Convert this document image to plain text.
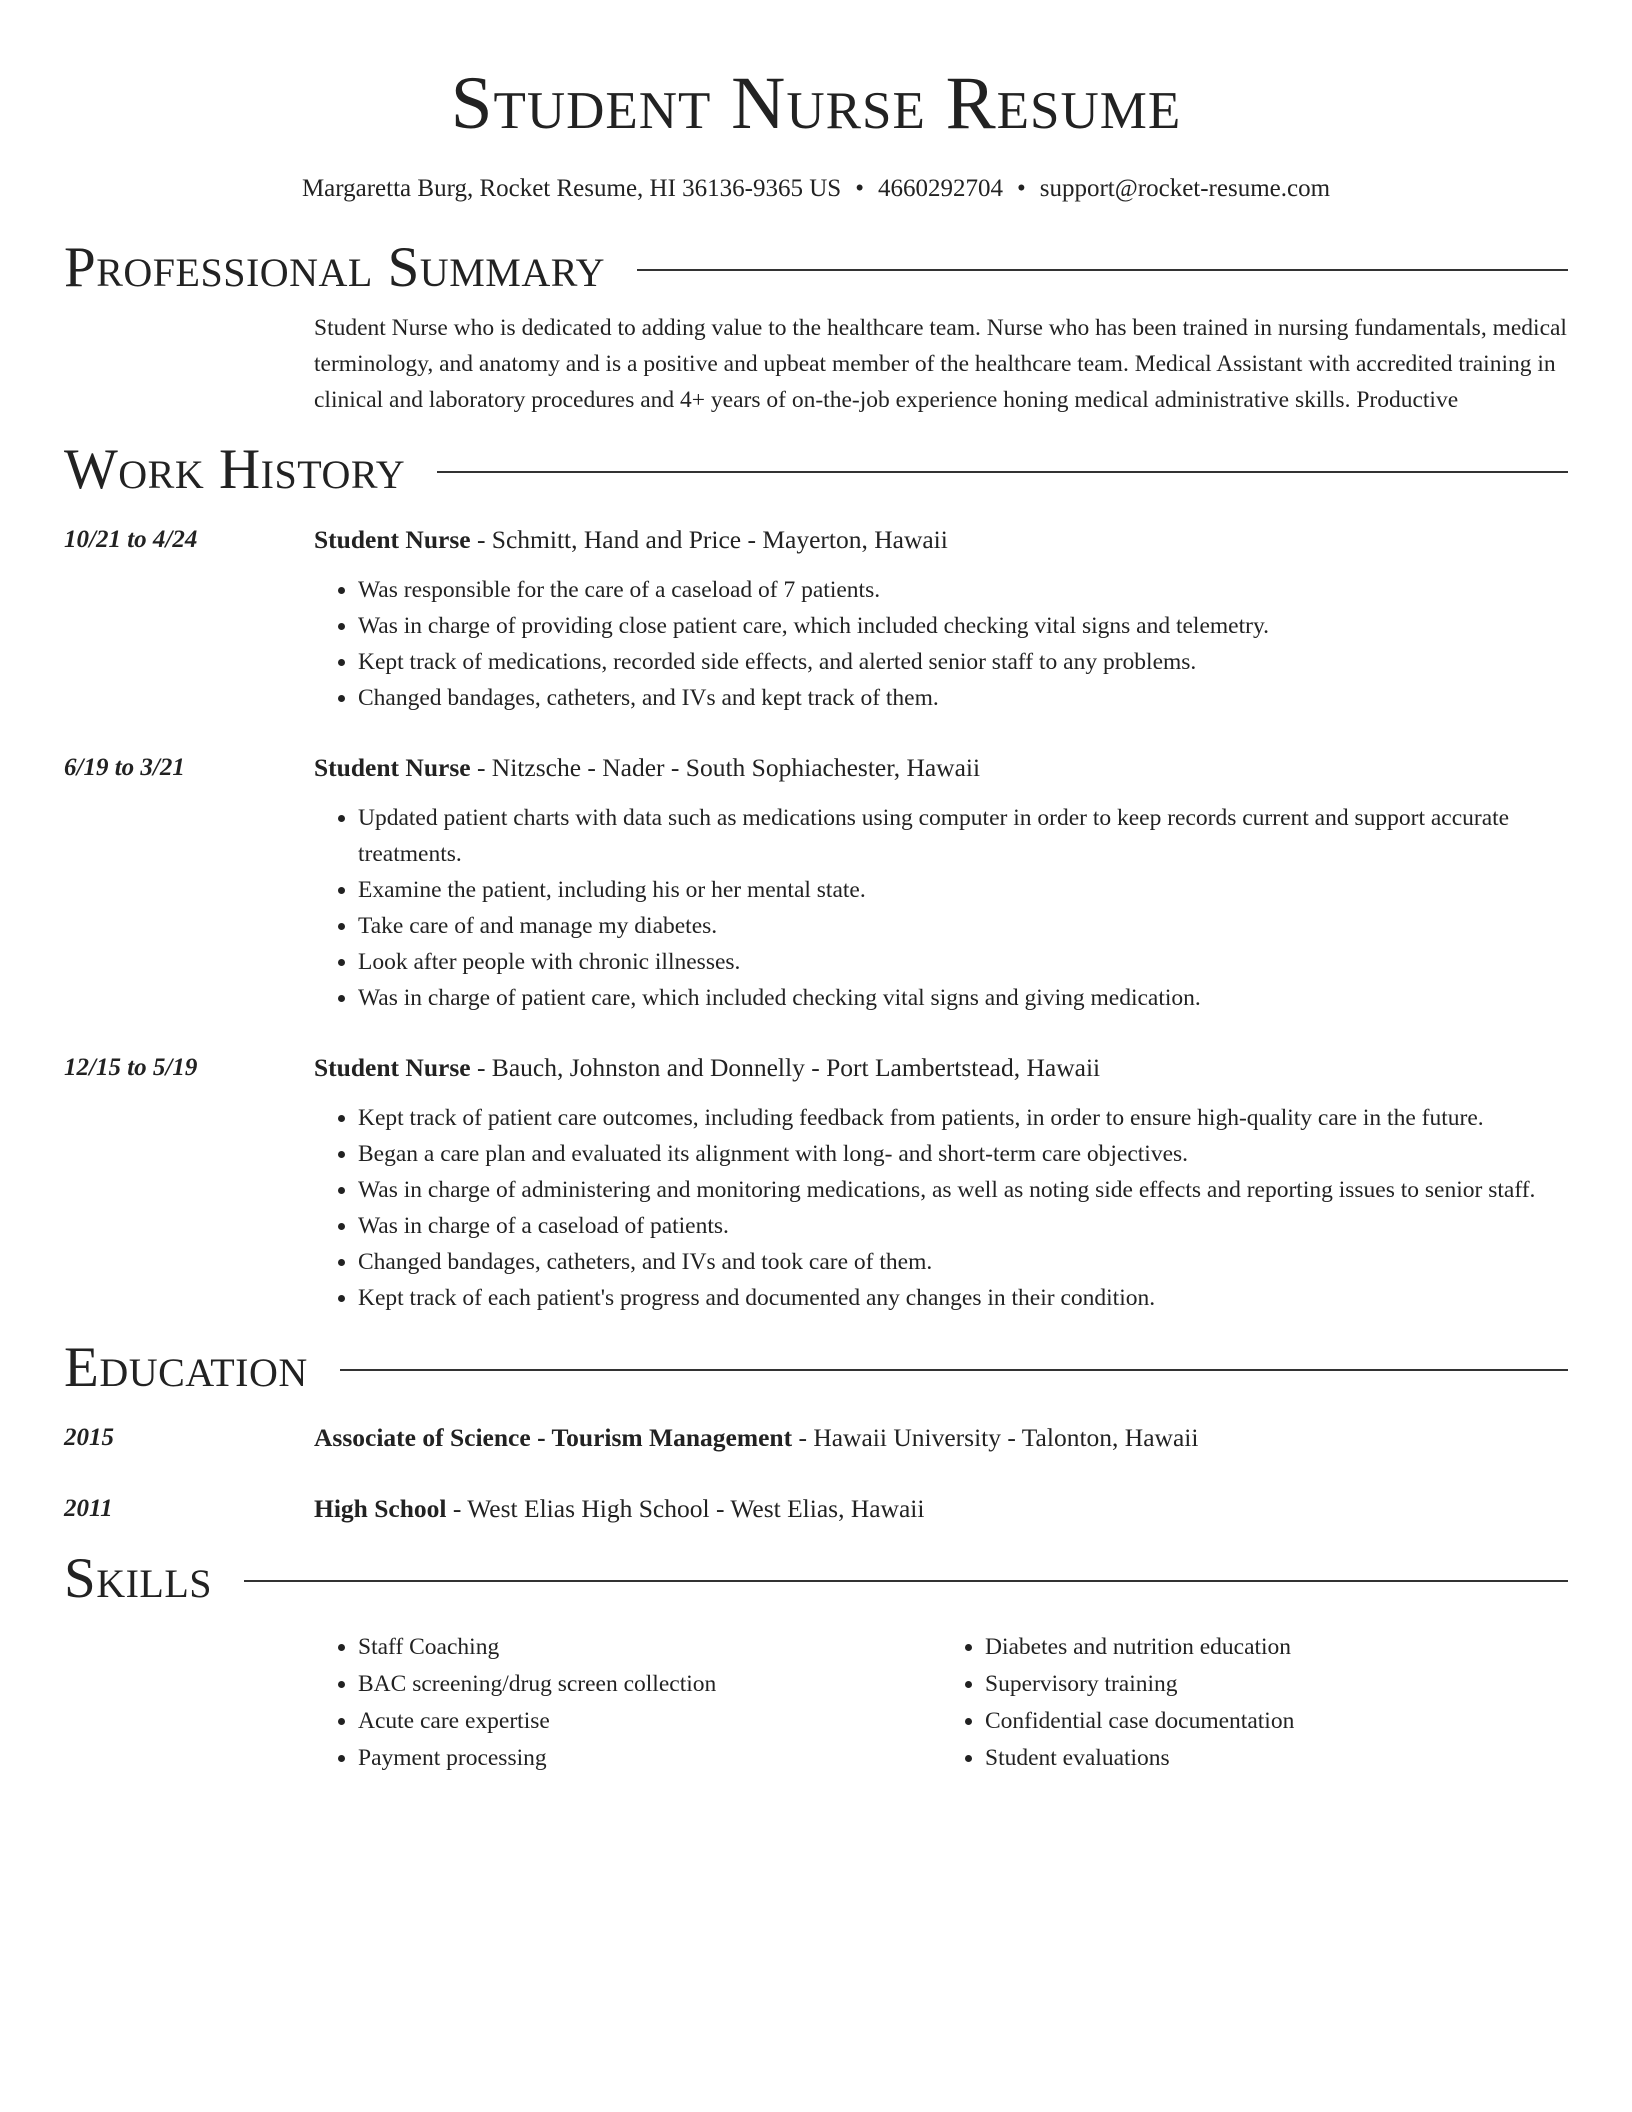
Student Nurse Resume
Margaretta Burg, Rocket Resume, HI 36136-9365 US • 4660292704 • support@rocket-resume.com
Professional Summary
Student Nurse who is dedicated to adding value to the healthcare team. Nurse who has been trained in nursing fundamentals, medical terminology, and anatomy and is a positive and upbeat member of the healthcare team. Medical Assistant with accredited training in clinical and laboratory procedures and 4+ years of on-the-job experience honing medical administrative skills. Productive
Work History
10/21 to 4/24	Student Nurse - Schmitt, Hand and Price - Mayerton, Hawaii
• Was responsible for the care of a caseload of 7 patients.
• Was in charge of providing close patient care, which included checking vital signs and telemetry.
• Kept track of medications, recorded side effects, and alerted senior staff to any problems.
• Changed bandages, catheters, and IVs and kept track of them.
6/19 to 3/21	Student Nurse - Nitzsche - Nader - South Sophiachester, Hawaii
• Updated patient charts with data such as medications using computer in order to keep records current and support accurate treatments.
• Examine the patient, including his or her mental state.
• Take care of and manage my diabetes.
• Look after people with chronic illnesses.
• Was in charge of patient care, which included checking vital signs and giving medication.
12/15 to 5/19	Student Nurse - Bauch, Johnston and Donnelly - Port Lambertstead, Hawaii
• Kept track of patient care outcomes, including feedback from patients, in order to ensure high-quality care in the future.
• Began a care plan and evaluated its alignment with long- and short-term care objectives.
• Was in charge of administering and monitoring medications, as well as noting side effects and reporting issues to senior staff.
• Was in charge of a caseload of patients.
• Changed bandages, catheters, and IVs and took care of them.
• Kept track of each patient's progress and documented any changes in their condition.
Education
2015	Associate of Science - Tourism Management - Hawaii University - Talonton, Hawaii
2011	High School - West Elias High School - West Elias, Hawaii
Skills
• Staff Coaching
• BAC screening/drug screen collection
• Acute care expertise
• Payment processing
• Diabetes and nutrition education
• Supervisory training
• Confidential case documentation
• Student evaluations
